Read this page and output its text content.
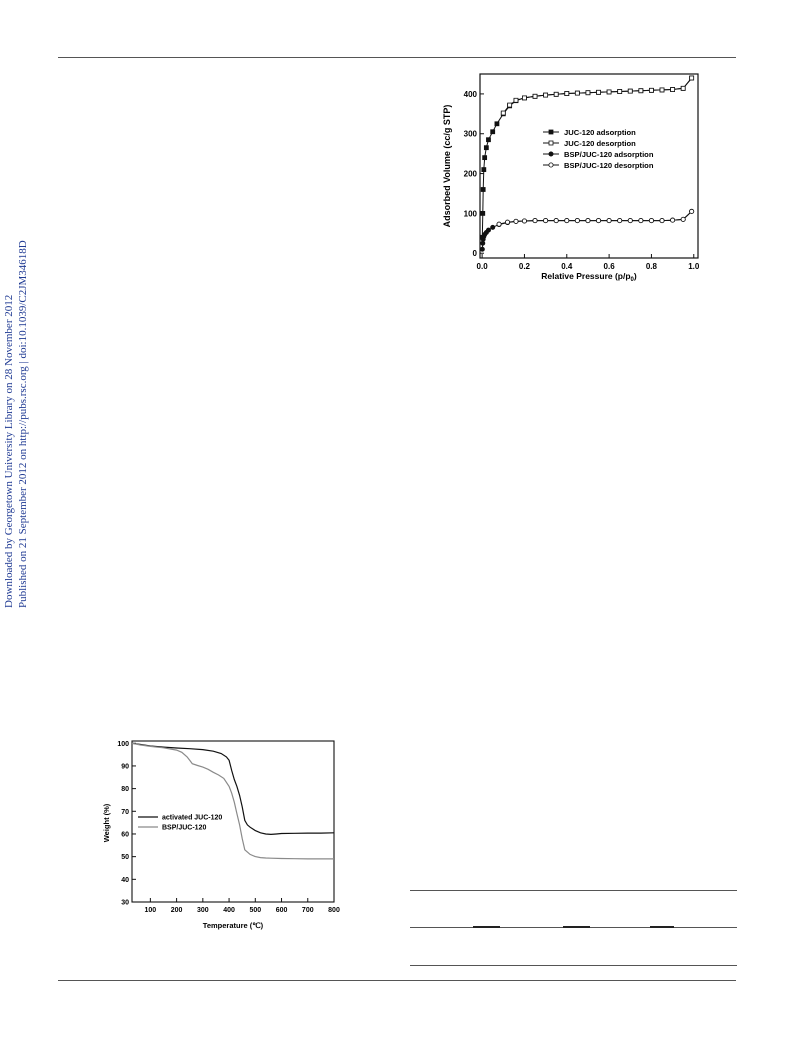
Downloaded by Georgetown University Library on 28 November 2012 Published on 21 September 2012 on http://pubs.rsc.org | doi:10.1039/C2JM34618D	0
100
200
300
400
0.0	0.2	0.4	0.6	0.8	1.0
JUC-120 adsorption
JUC-120 desorption
BSP/JUC-120 adsorption
BSP/JUC-120 desorption
Relative Pressure $(p/p_0)$
Adsorbed Volume (cc/g STP)
30
40
50
60
70
80
90
100
100 200 300 400 500 600 700 800
activated JUC-120
BSP/JUC-120
Temperature (℃)
Weight (%)
